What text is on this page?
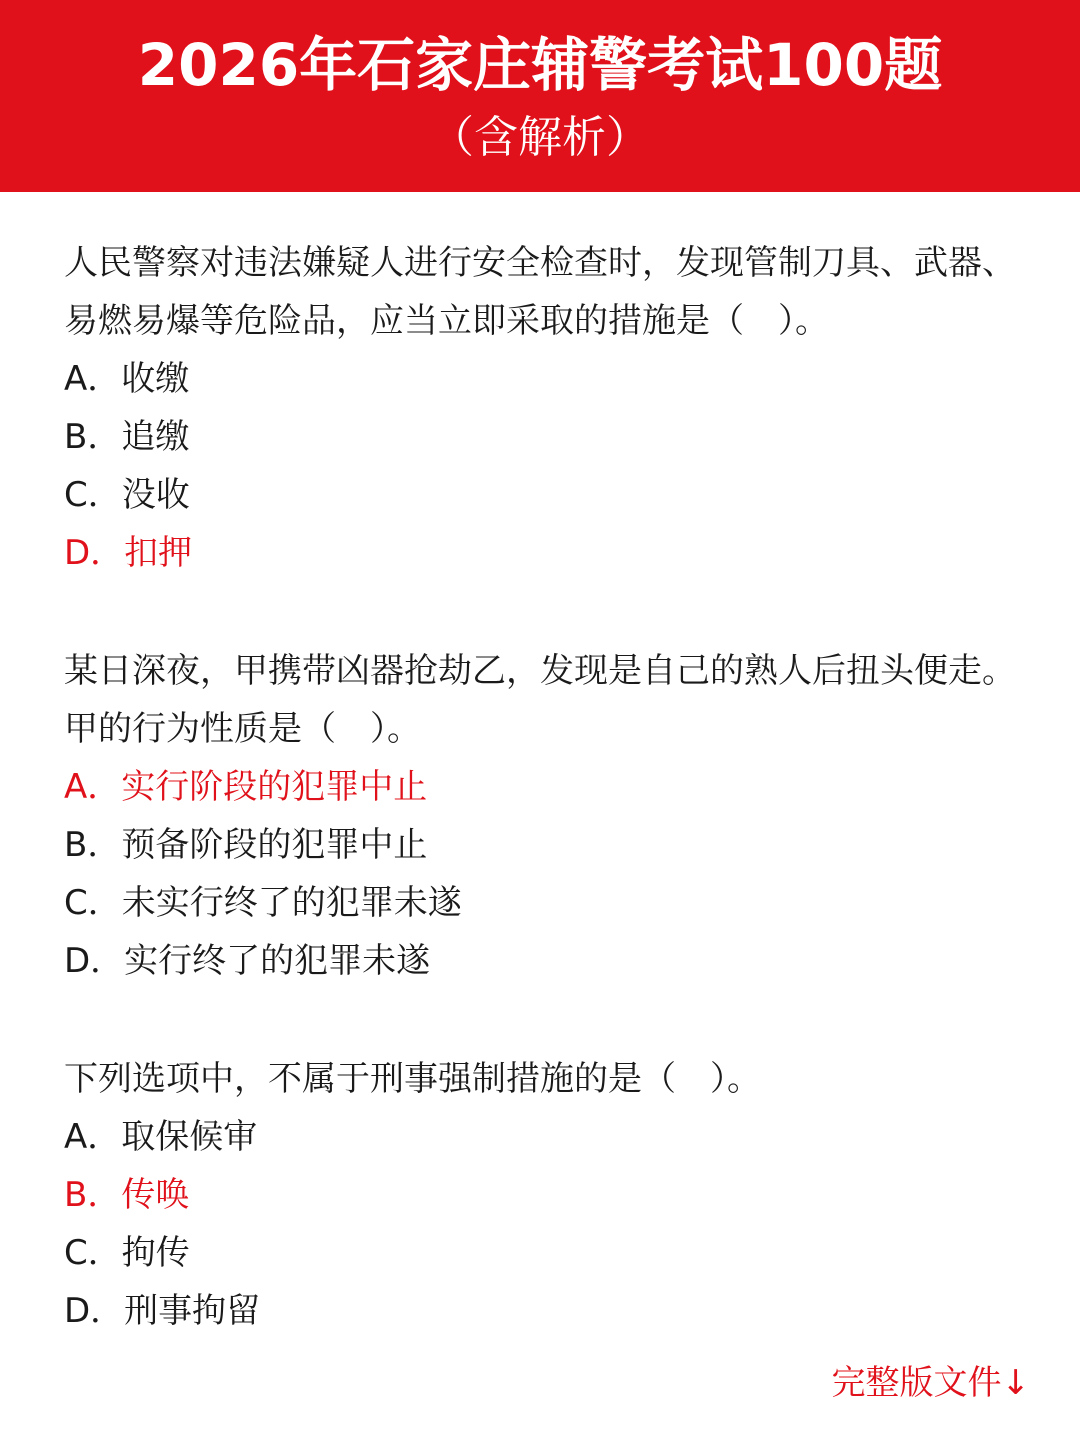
2026年石家庄辅警考试100题
（含解析）

人民警察对违法嫌疑人进行安全检查时，发现管制刀具、武器、易燃易爆等危险品，应当立即采取的措施是（　）。

A．收缴

B．追缴

C．没收

D．扣押

某日深夜，甲携带凶器抢劫乙，发现是自己的熟人后扭头便走。甲的行为性质是（　）。

A．实行阶段的犯罪中止

B．预备阶段的犯罪中止

C．未实行终了的犯罪未遂

D．实行终了的犯罪未遂

下列选项中，不属于刑事强制措施的是（　）。

A．取保候审

B．传唤

C．拘传

D．刑事拘留

完整版文件↓
